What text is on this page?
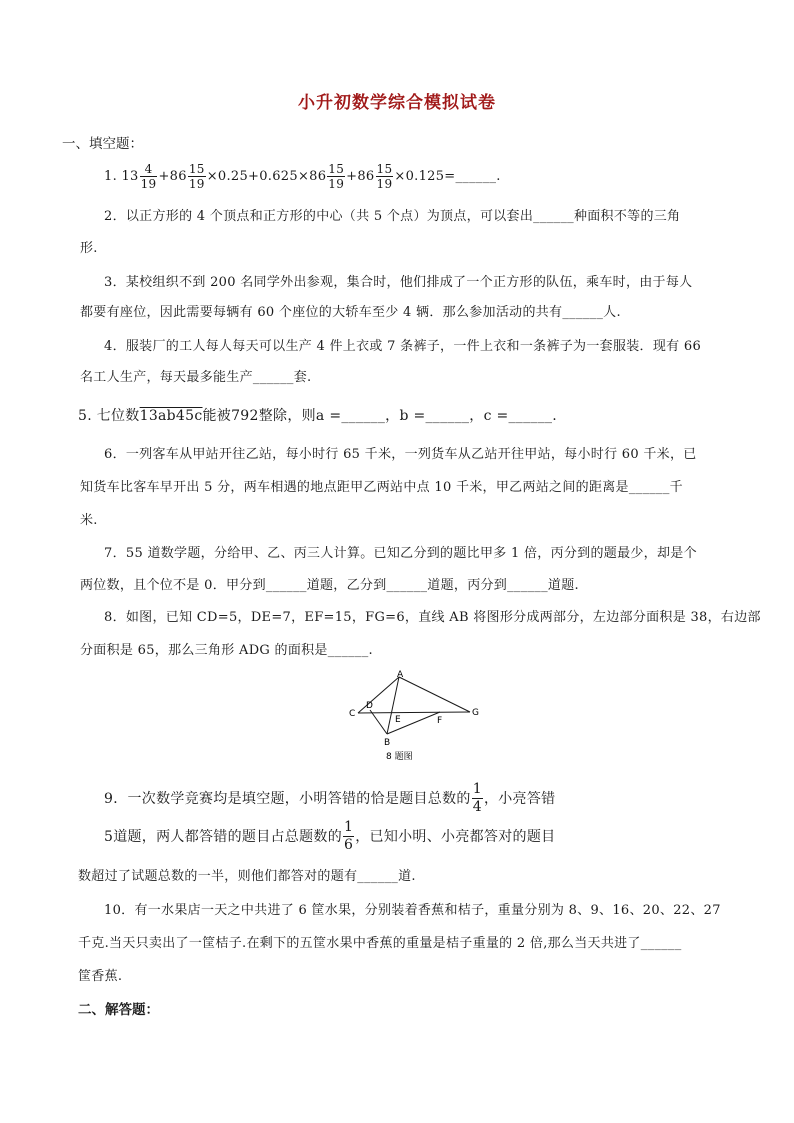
小升初数学综合模拟试卷
一、填空题：
1.
$13 \frac{4}{19} +86 \frac{15}{19} \times 0.25+0.625\times 86 \frac{15}{19} +86 \frac{15}{19}$ ×0.125=______.
2．以正方形的 4 个顶点和正方形的中心（共 5 个点）为顶点，可以套出______种面积不等的三角
形.
3．某校组织不到 200 名同学外出参观，集合时，他们排成了一个正方形的队伍，乘车时，由于每人
都要有座位，因此需要每辆有 60 个座位的大轿车至少 4 辆．那么参加活动的共有______人.
4．服装厂的工人每人每天可以生产 4 件上衣或 7 条裤子，一件上衣和一条裤子为一套服装．现有 66
名工人生产，每天最多能生产______套.
5. 七位数13ab45c能被792整除，则a =______，b =______，c =______.
6．一列客车从甲站开往乙站，每小时行 65 千米，一列货车从乙站开往甲站，每小时行 60 千米，已
知货车比客车早开出 5 分，两车相遇的地点距甲乙两站中点 10 千米，甲乙两站之间的距离是______千
米.
7．55 道数学题，分给甲、乙、丙三人计算。已知乙分到的题比甲多 1 倍，丙分到的题最少，却是个
两位数，且个位不是 0．甲分到______道题，乙分到______道题，丙分到______道题.
8．如图，已知 CD=5，DE=7，EF=15，FG=6，直线 AB 将图形分成两部分，左边部分面积是 38，右边部
分面积是 65，那么三角形 ADG 的面积是______.
A
C
D
E	F
G
B
8 题图
9．一次数学竞赛均是填空题，小明答错的恰是题目总数的 $\frac{1}{4}$ ，小亮答错
5道题，两人都答错的题目占总题数的 $\frac{1}{6}$ ，已知小明、小亮都答对的题目
数超过了试题总数的一半，则他们都答对的题有______道.
10．有一水果店一天之中共进了 6 筐水果，分别装着香蕉和桔子，重量分别为 8、9、16、20、22、27
千克.当天只卖出了一筐桔子.在剩下的五筐水果中香蕉的重量是桔子重量的 2 倍,那么当天共进了______
筐香蕉.
二、解答题：
